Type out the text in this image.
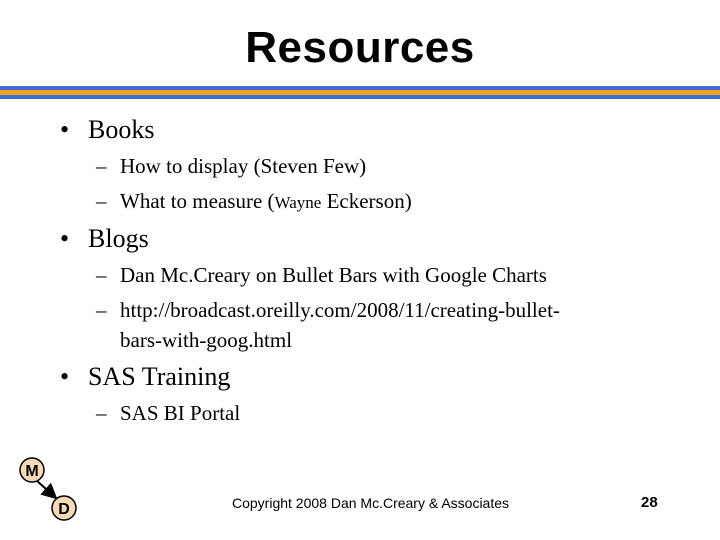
Resources
• Books
– How to display (Steven Few)
– What to measure (Wayne Eckerson)
• Blogs
– Dan Mc.Creary on Bullet Bars with Google Charts
– http://broadcast.oreilly.com/2008/11/creating-bullet-
bars-with-goog.html
• SAS Training
– SAS BI Portal
M
D	Copyright 2008 Dan Mc.Creary & Associates	28
